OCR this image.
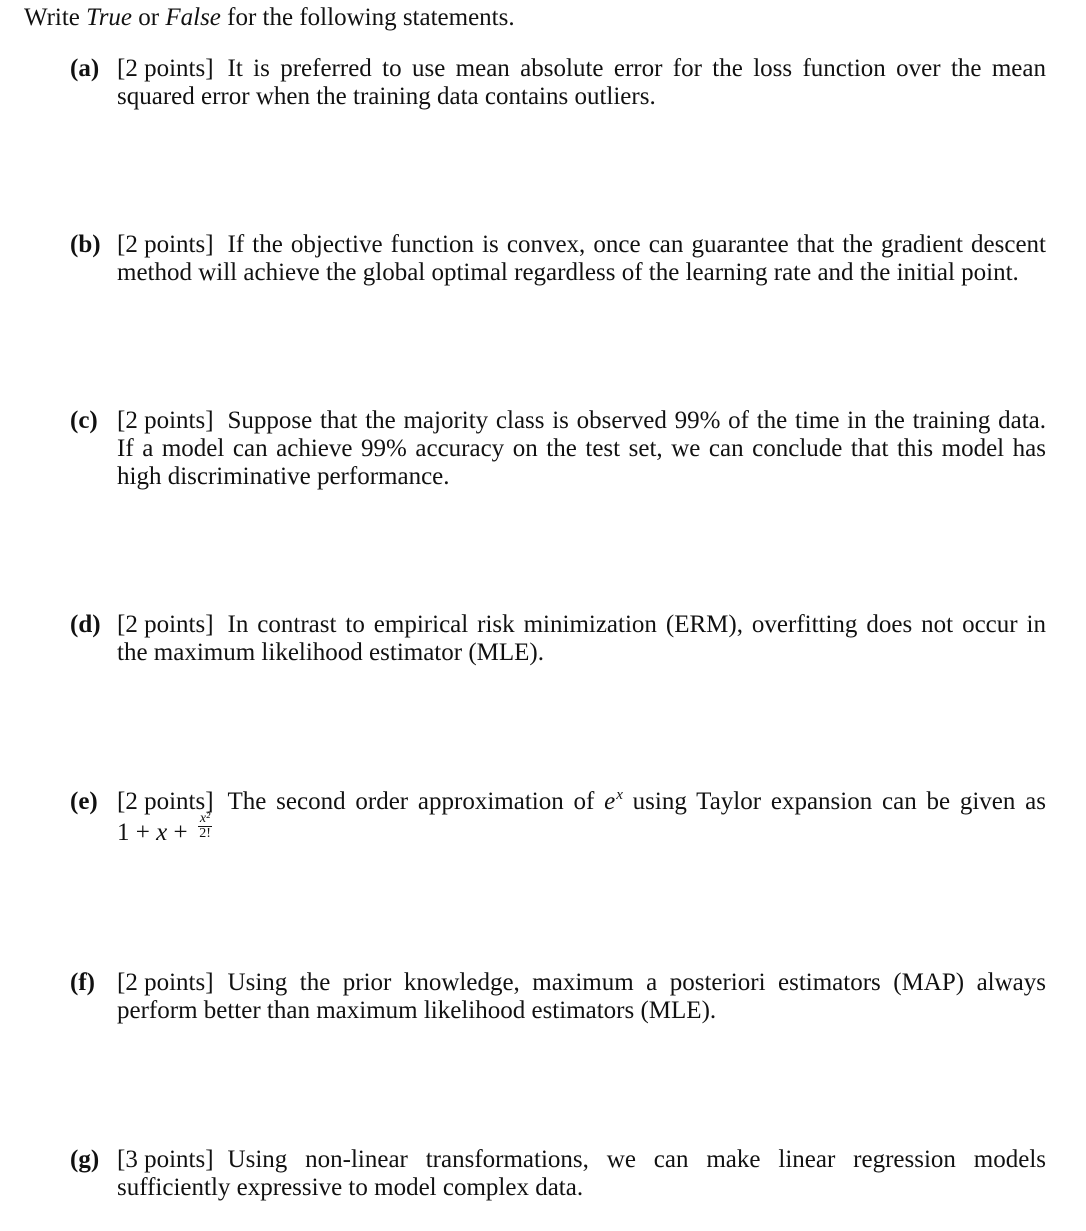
Write True or False for the following statements.
(a) [2 points] It is preferred to use mean absolute error for the loss function over the mean
squared error when the training data contains outliers.
(b) [2 points] If the objective function is convex, once can guarantee that the gradient descent
method will achieve the global optimal regardless of the learning rate and the initial point.
(c) [2 points] Suppose that the majority class is observed 99% of the time in the training data.
If a model can achieve 99% accuracy on the test set, we can conclude that this model has
high discriminative performance.
(d) [2 points] In contrast to empirical risk minimization (ERM), overfitting does not occur in
the maximum likelihood estimator (MLE).
(e) [2 points] The second order approximation of $e^x$ using Taylor expansion can be given as
$1 + x + \frac{\text{x²}}{2!}$
(f) [2 points] Using the prior knowledge, maximum a posteriori estimators (MAP) always
perform better than maximum likelihood estimators (MLE).
(g) [3 points] Using non-linear transformations, we can make linear regression models
sufficiently expressive to model complex data.
